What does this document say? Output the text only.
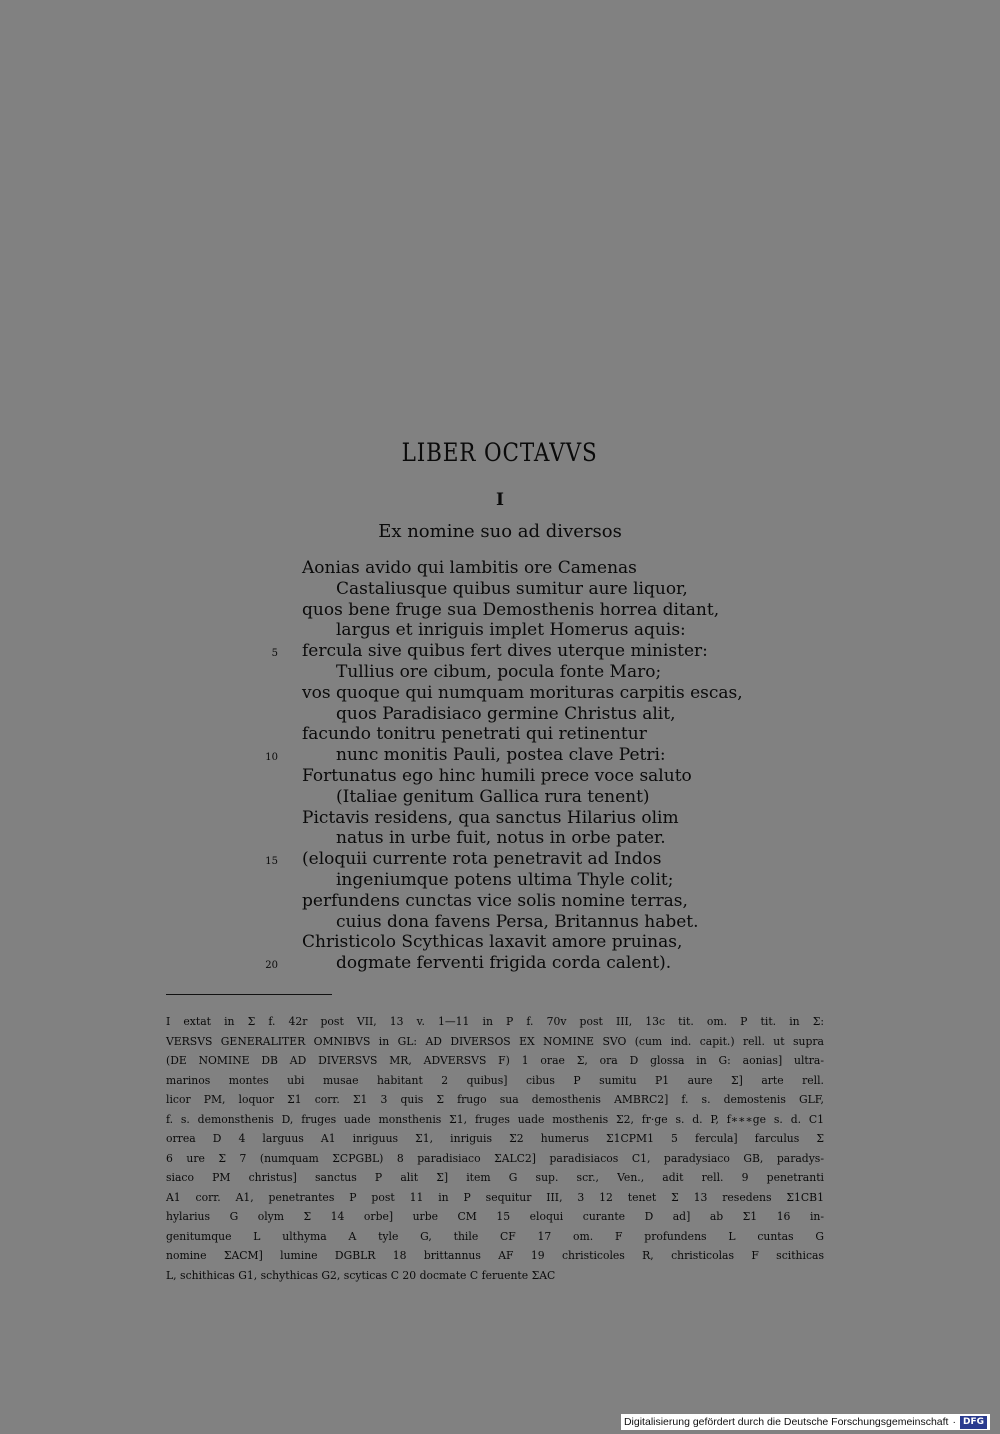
LIBER OCTAVVS
I
Ex nomine suo ad diversos
Aonias avido qui lambitis ore Camenas
Castaliusque quibus sumitur aure liquor,
quos bene fruge sua Demosthenis horrea ditant,
largus et inriguis implet Homerus aquis:
fercula sive quibus fert dives uterque minister:
5
Tullius ore cibum, pocula fonte Maro;
vos quoque qui numquam morituras carpitis escas,
quos Paradisiaco germine Christus alit,
facundo tonitru penetrati qui retinentur
nunc monitis Pauli, postea clave Petri:
10
Fortunatus ego hinc humili prece voce saluto
(Italiae genitum Gallica rura tenent)
Pictavis residens, qua sanctus Hilarius olim
natus in urbe fuit, notus in orbe pater.
(eloquii currente rota penetravit ad Indos
15
ingeniumque potens ultima Thyle colit;
perfundens cunctas vice solis nomine terras,
cuius dona favens Persa, Britannus habet.
Christicolo Scythicas laxavit amore pruinas,
dogmate ferventi frigida corda calent).
20

I extat in Σ f. 42r post VII, 13 v. 1—11 in P f. 70v post III, 13c tit. om. P tit. in Σ:

VERSVS GENERALITER OMNIBVS in GL: AD DIVERSOS EX NOMINE SVO (cum ind. capit.) rell. ut supra

(DE NOMINE DB AD DIVERSVS MR, ADVERSVS F) 1 orae Σ, ora D glossa in G: aonias] ultra-

marinos montes ubi musae habitant 2 quibus] cibus P sumitu P1 aure Σ] arte rell.

licor PM, loquor Σ1 corr. Σ1 3 quis Σ frugo sua demosthenis AMBRC2] f. s. demostenis GLF,

f. s. demonsthenis D, fruges uade monsthenis Σ1, fruges uade mosthenis Σ2, fr·ge s. d. P, f∗∗∗ge s. d. C1

orrea D 4 larguus A1 inriguus Σ1, inriguis Σ2 humerus Σ1CPM1 5 fercula] farculus Σ

6 ure Σ 7 (numquam ΣCPGBL) 8 paradisiaco ΣALC2] paradisiacos C1, paradysiaco GB, paradys-

siaco PM christus] sanctus P alit Σ] item G sup. scr., Ven., adit rell. 9 penetranti

A1 corr. A1, penetrantes P post 11 in P sequitur III, 3 12 tenet Σ 13 resedens Σ1CB1

hylarius G olym Σ 14 orbe] urbe CM 15 eloqui curante D ad] ab Σ1 16 in-

genitumque L ulthyma A tyle G, thile CF 17 om. F profundens L cuntas G

nomine ΣACM] lumine DGBLR 18 brittannus AF 19 christicoles R, christicolas F scithicas

L, schithicas G1, schythicas G2, scyticas C 20 docmate C feruente ΣAC

Digitalisierung gefördert durch die Deutsche Forschungsgemeinschaft · DFG
